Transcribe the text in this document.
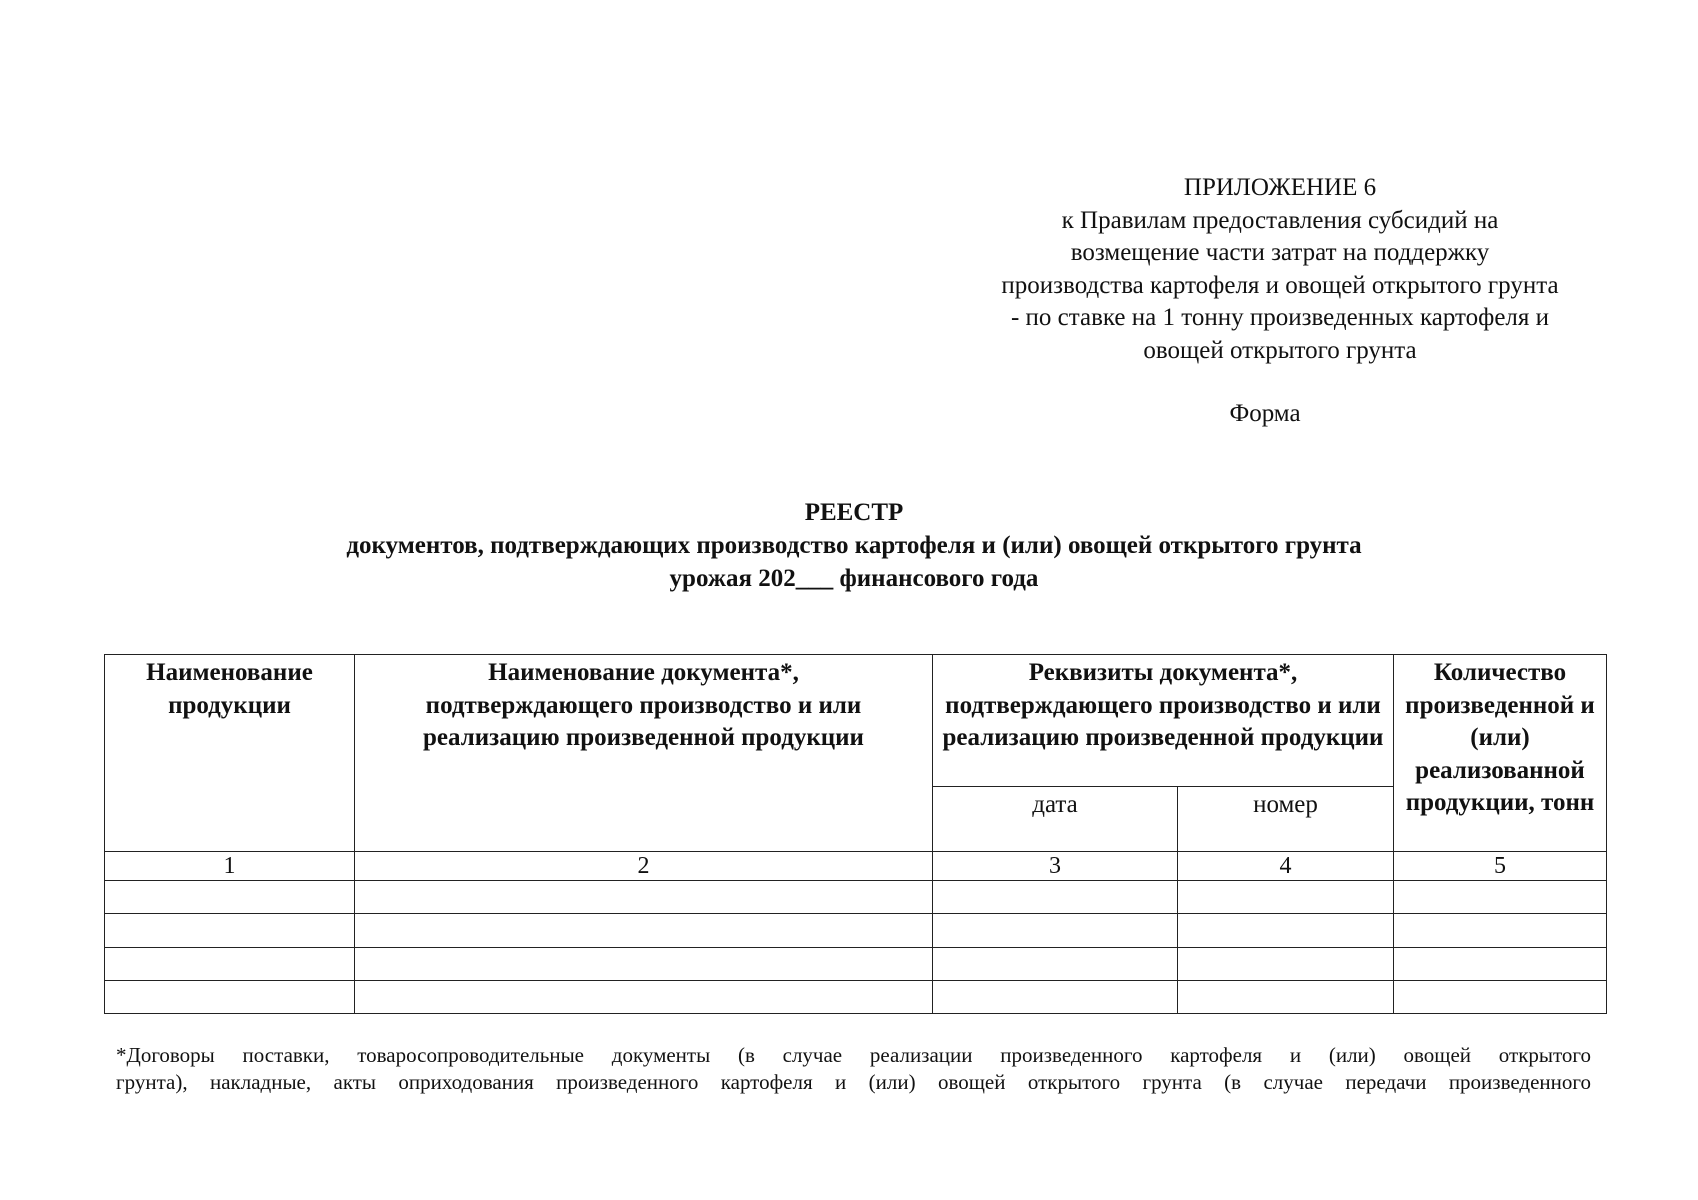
ПРИЛОЖЕНИЕ 6
к Правилам предоставления субсидий на
возмещение части затрат на поддержку
производства картофеля и овощей открытого грунта
- по ставке на 1 тонну произведенных картофеля и
овощей открытого грунта
Форма
РЕЕСТР
документов, подтверждающих производство картофеля и (или) овощей открытого грунта
урожая 202___ финансового года
Наименование продукции	Наименование документа*, подтверждающего производство и или реализацию произведенной продукции	Реквизиты документа*, подтверждающего производство и или реализацию произведенной продукции		Количество произведенной и (или) реализованной продукции, тонн
		дата	номер	
1	2	3	4	5

*Договоры поставки, товаросопроводительные документы (в случае реализации произведенного картофеля и (или) овощей открытого
грунта), накладные, акты оприходования произведенного картофеля и (или) овощей открытого грунта (в случае передачи произведенного
